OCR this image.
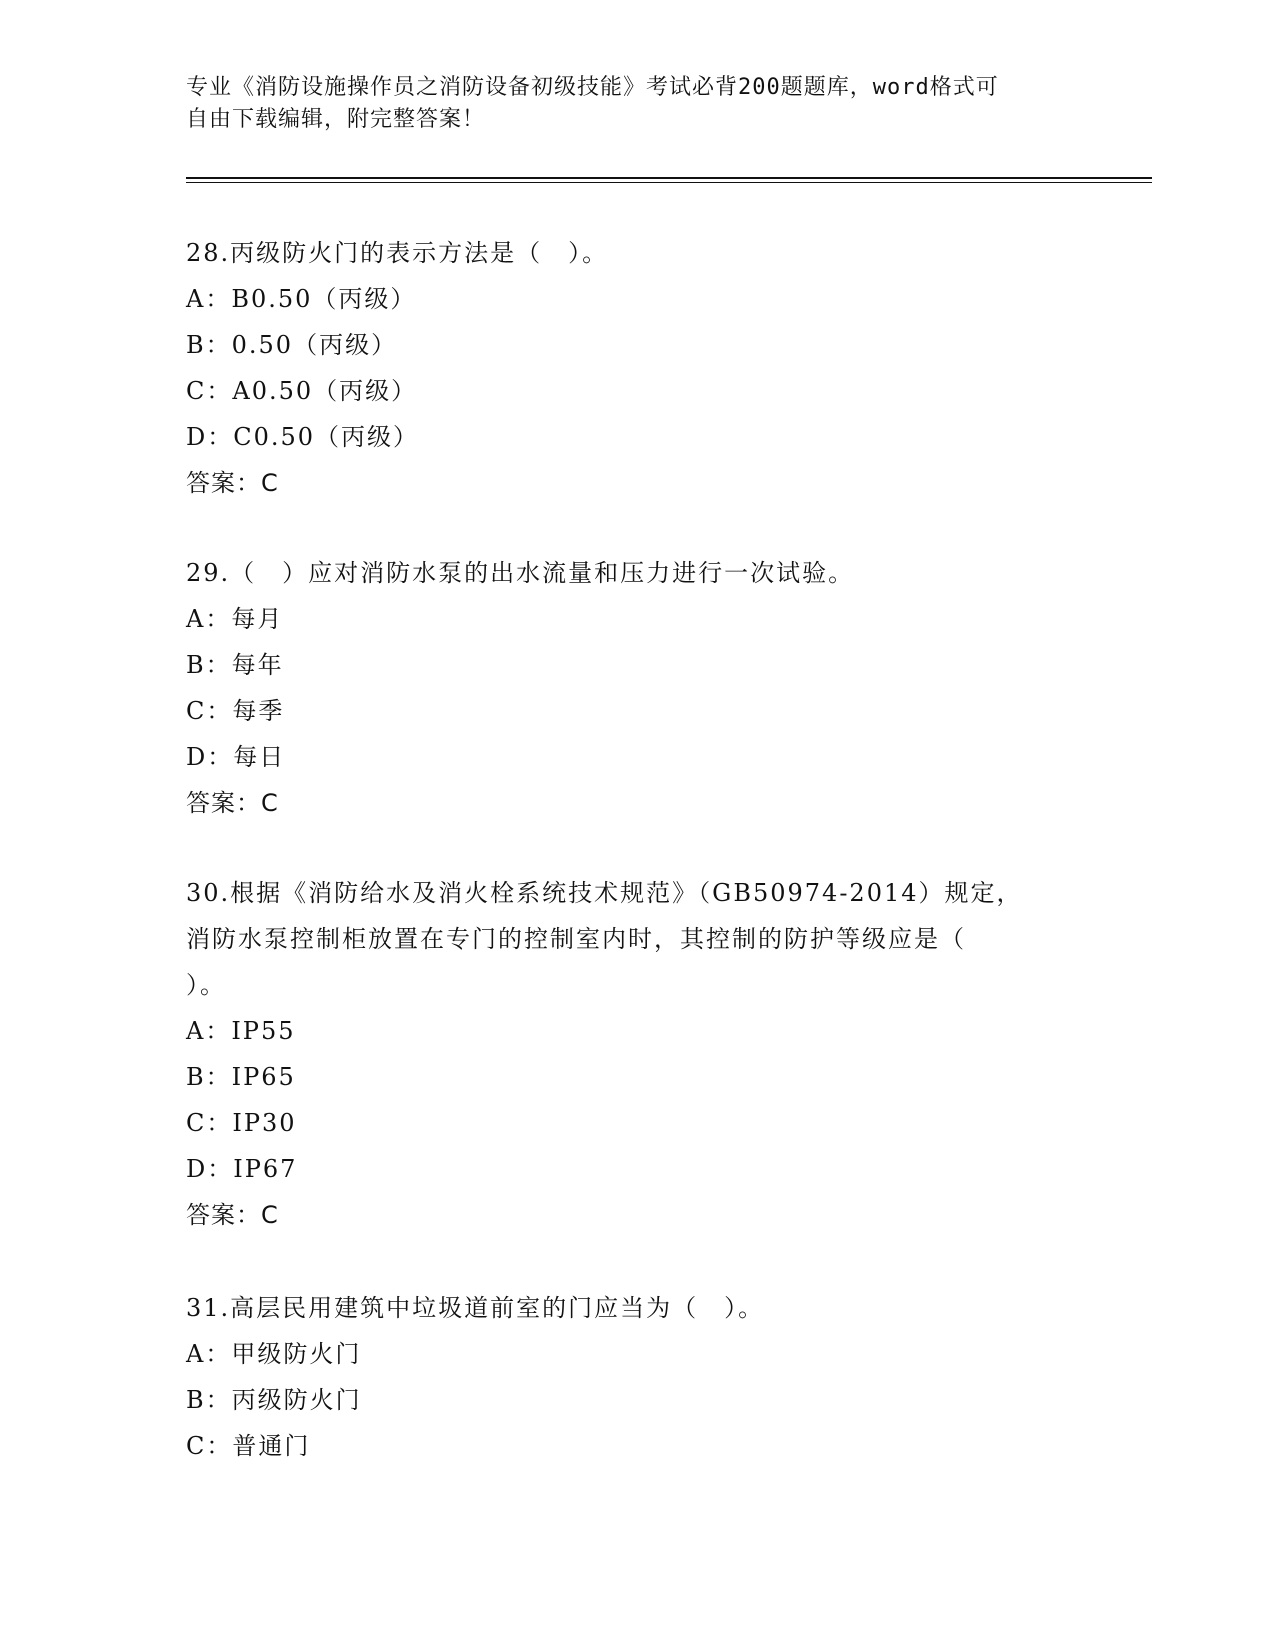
专业《消防设施操作员之消防设备初级技能》考试必背200题题库，word格式可
自由下载编辑，附完整答案！
28.丙级防火门的表示方法是（　）。
A：B0.50（丙级）
B：0.50（丙级）
C：A0.50（丙级）
D：C0.50（丙级）
答案：C
29.（　）应对消防水泵的出水流量和压力进行一次试验。
A：每月
B：每年
C：每季
D：每日
答案：C
30.根据《消防给水及消火栓系统技术规范》（GB50974-2014）规定，
消防水泵控制柜放置在专门的控制室内时，其控制的防护等级应是（
）。
A：IP55
B：IP65
C：IP30
D：IP67
答案：C
31.高层民用建筑中垃圾道前室的门应当为（　）。
A：甲级防火门
B：丙级防火门
C：普通门
